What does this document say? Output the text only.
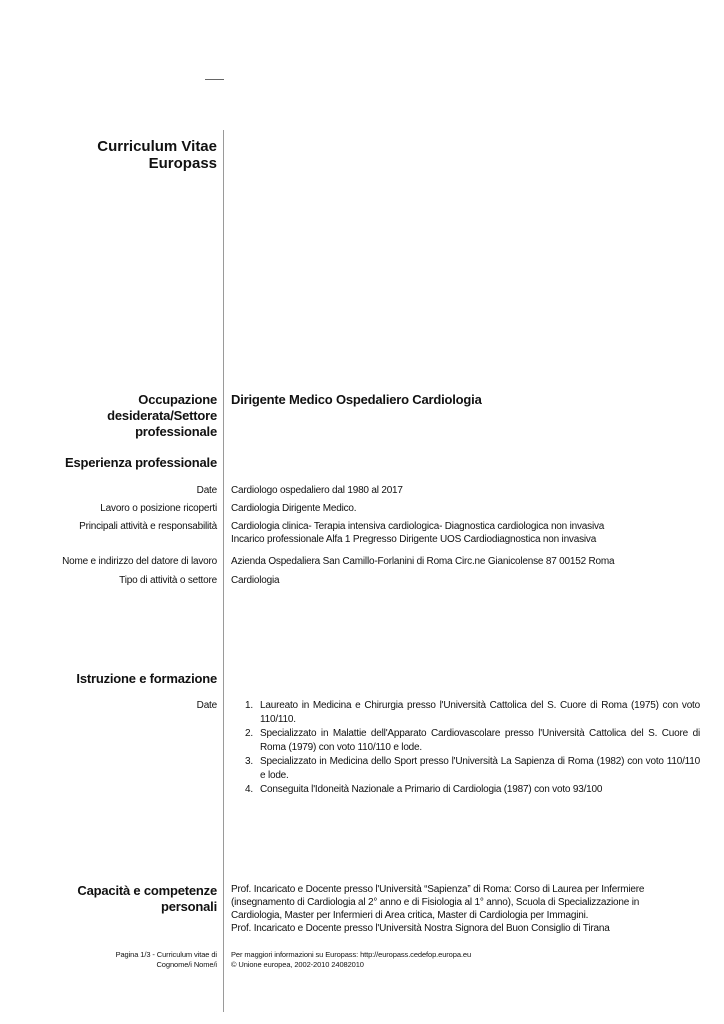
Curriculum Vitae
Europass
Occupazione
desiderata/Settore
professionale
Dirigente Medico Ospedaliero Cardiologia
Esperienza professionale
Date Cardiologo ospedaliero dal 1980 al 2017
Lavoro o posizione ricoperti Cardiologia Dirigente Medico.
Principali attività e responsabilità Cardiologia clinica- Terapia intensiva cardiologica- Diagnostica cardiologica non invasiva
Incarico professionale Alfa 1 Pregresso Dirigente UOS Cardiodiagnostica non invasiva
Nome e indirizzo del datore di lavoro Azienda Ospedaliera San Camillo-Forlanini di Roma Circ.ne Gianicolense 87 00152 Roma
Tipo di attività o settore Cardiologia
Istruzione e formazione
Date	1. Laureato in Medicina e Chirurgia presso l'Università Cattolica del S. Cuore di Roma (1975) con voto 110/110.
2. Specializzato in Malattie dell'Apparato Cardiovascolare presso l'Università Cattolica del S. Cuore di Roma (1979) con voto 110/110 e lode.
3. Specializzato in Medicina dello Sport presso l'Università La Sapienza di Roma (1982) con voto 110/110 e lode.
4. Conseguita l'Idoneità Nazionale a Primario di Cardiologia (1987) con voto 93/100
Capacità e competenze
personali
Prof. Incaricato e Docente presso l'Università “Sapienza” di Roma: Corso di Laurea per Infermiere
(insegnamento di Cardiologia al 2° anno e di Fisiologia al 1° anno), Scuola di Specializzazione in
Cardiologia, Master per Infermieri di Area critica, Master di Cardiologia per Immagini.
Prof. Incaricato e Docente presso l'Università Nostra Signora del Buon Consiglio di Tirana
Pagina 1/3 - Curriculum vitae di
Cognome/i Nome/i
Per maggiori informazioni su Europass: http://europass.cedefop.europa.eu
© Unione europea, 2002-2010 24082010
